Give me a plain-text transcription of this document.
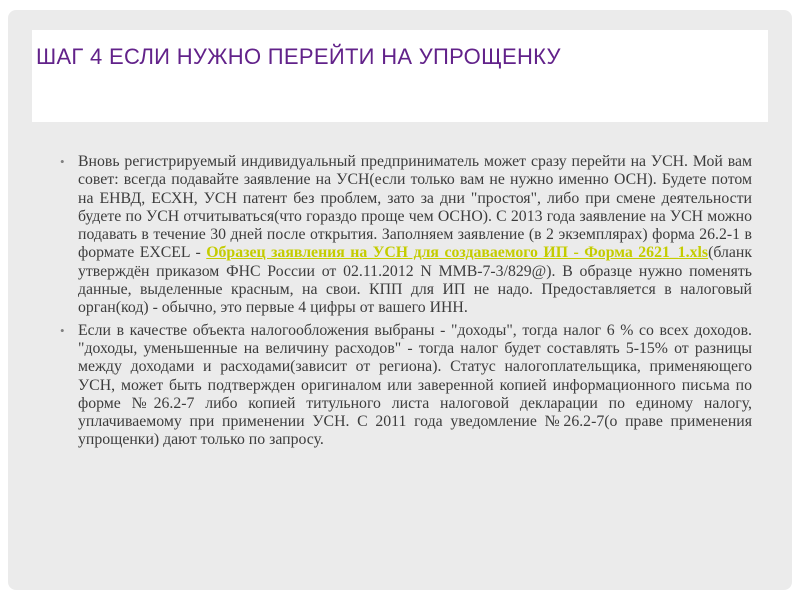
ШАГ 4 ЕСЛИ НУЖНО ПЕРЕЙТИ НА УПРОЩЕНКУ

• Вновь регистрируемый индивидуальный предприниматель может сразу перейти на УСН. Мой вам совет: всегда подавайте заявление на УСН(если только вам не нужно именно ОСН). Будете потом на ЕНВД, ЕСХН, УСН патент без проблем, зато за дни "простоя", либо при смене деятельности будете по УСН отчитываться(что гораздо проще чем ОСНО). С 2013 года заявление на УСН можно подавать в течение 30 дней после открытия. Заполняем заявление (в 2 экземплярах) форма 26.2-1 в формате EXCEL - Образец заявления на УСН для создаваемого ИП - Форма 2621_1.xls(бланк утверждён приказом ФНС России от 02.11.2012 N ММВ-7-3/829@). В образце нужно поменять данные, выделенные красным, на свои. КПП для ИП не надо. Предоставляется в налоговый орган(код) - обычно, это первые 4 цифры от вашего ИНН.

• Если в качестве объекта налогообложения выбраны - "доходы", тогда налог 6 % со всех доходов. "доходы, уменьшенные на величину расходов" - тогда налог будет составлять 5-15% от разницы между доходами и расходами(зависит от региона). Статус налогоплательщика, применяющего УСН, может быть подтвержден оригиналом или заверенной копией информационного письма по форме №26.2-7 либо копией титульного листа налоговой декларации по единому налогу, уплачиваемому при применении УСН. С 2011 года уведомление №26.2-7(о праве применения упрощенки) дают только по запросу.
